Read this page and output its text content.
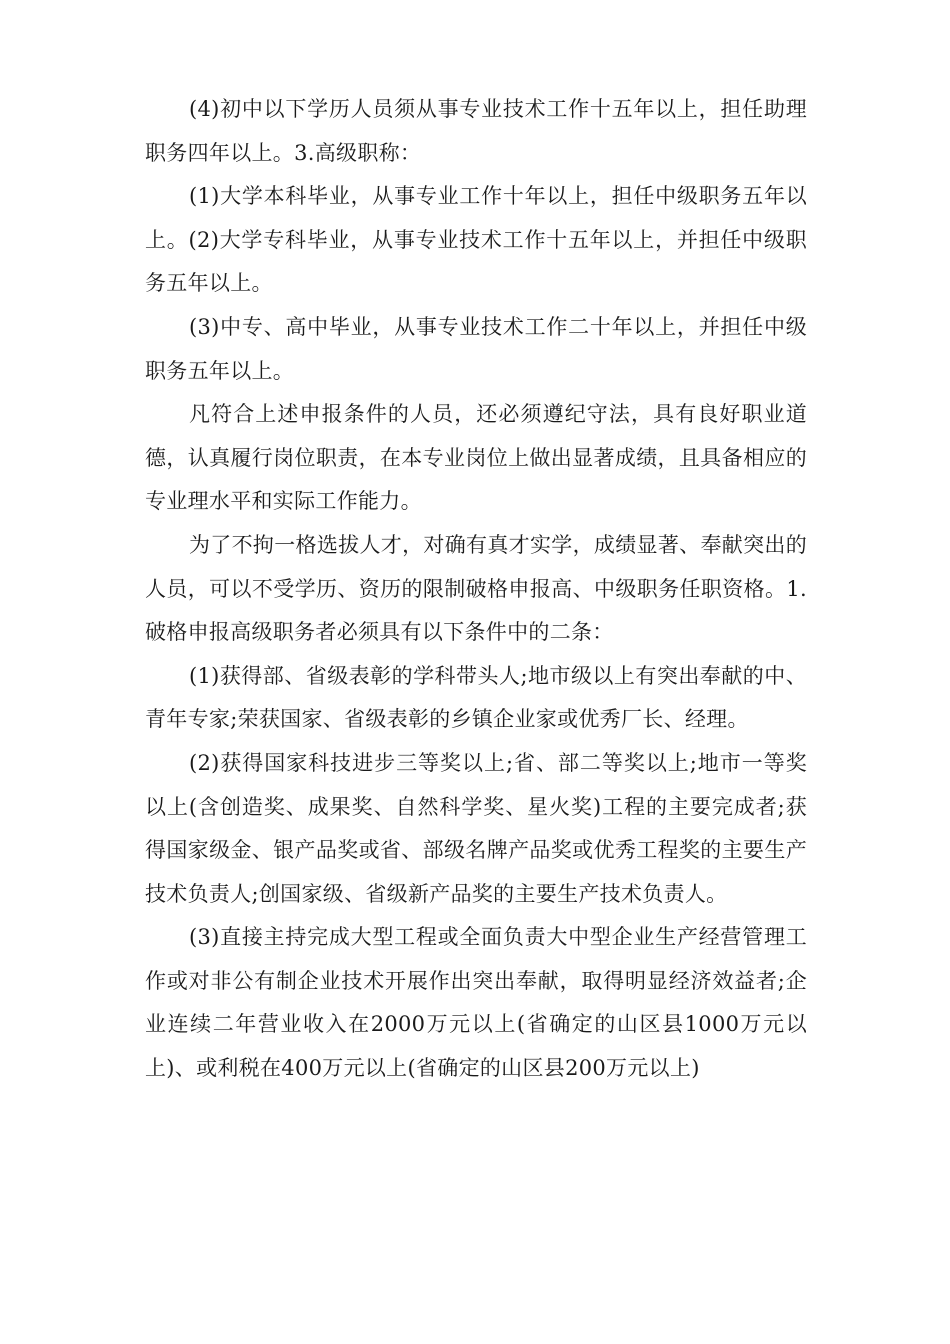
(4)初中以下学历人员须从事专业技术工作十五年以上，担任助理职务四年以上。3.高级职称：

(1)大学本科毕业，从事专业工作十年以上，担任中级职务五年以上。(2)大学专科毕业，从事专业技术工作十五年以上，并担任中级职务五年以上。

(3)中专、高中毕业，从事专业技术工作二十年以上，并担任中级职务五年以上。

凡符合上述申报条件的人员，还必须遵纪守法，具有良好职业道德，认真履行岗位职责，在本专业岗位上做出显著成绩，且具备相应的专业理水平和实际工作能力。

为了不拘一格选拔人才，对确有真才实学，成绩显著、奉献突出的人员，可以不受学历、资历的限制破格申报高、中级职务任职资格。1.破格申报高级职务者必须具有以下条件中的二条：

(1)获得部、省级表彰的学科带头人;地市级以上有突出奉献的中、青年专家;荣获国家、省级表彰的乡镇企业家或优秀厂长、经理。

(2)获得国家科技进步三等奖以上;省、部二等奖以上;地市一等奖以上(含创造奖、成果奖、自然科学奖、星火奖)工程的主要完成者;获得国家级金、银产品奖或省、部级名牌产品奖或优秀工程奖的主要生产技术负责人;创国家级、省级新产品奖的主要生产技术负责人。

(3)直接主持完成大型工程或全面负责大中型企业生产经营管理工作或对非公有制企业技术开展作出突出奉献，取得明显经济效益者;企业连续二年营业收入在2000万元以上(省确定的山区县1000万元以上)、或利税在400万元以上(省确定的山区县200万元以上)
